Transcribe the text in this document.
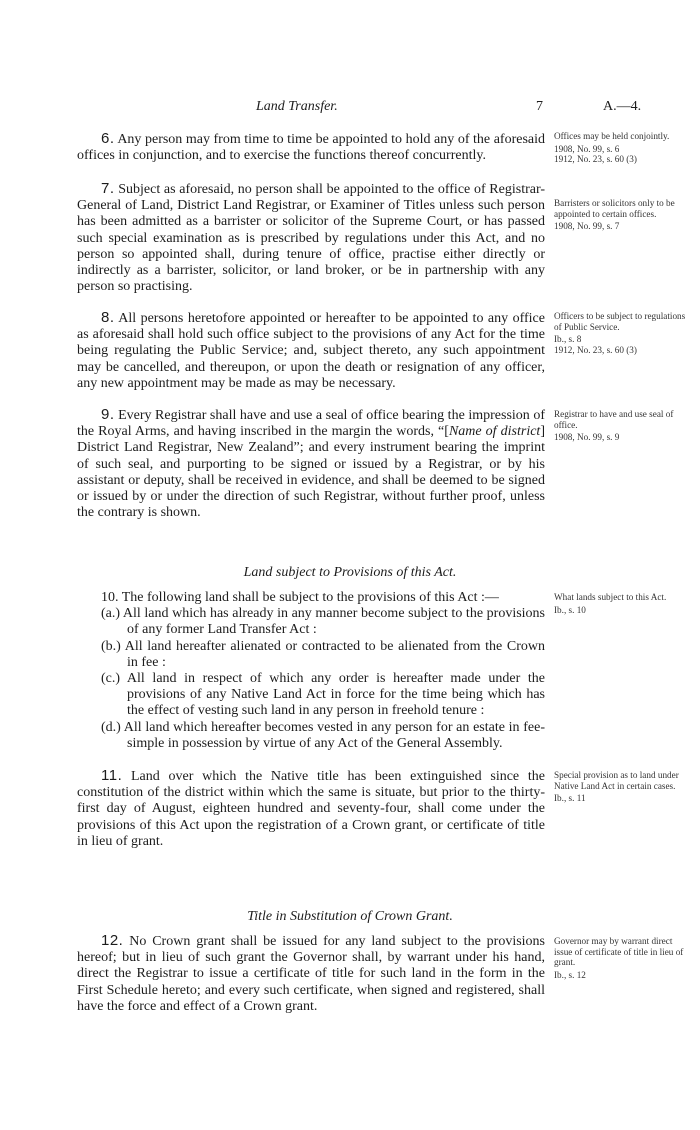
Land Transfer.	7	A.—4.

6. Any person may from time to time be appointed to hold any of the aforesaid offices in conjunction, and to exercise the functions thereof concurrently.

Offices may be held conjointly.

1908, No. 99, s. 6
1912, No. 23, s. 60 (3)

7. Subject as aforesaid, no person shall be appointed to the office of Registrar-General of Land, District Land Registrar, or Examiner of Titles unless such person has been admitted as a barrister or solicitor of the Supreme Court, or has passed such special examination as is prescribed by regulations under this Act, and no person so appointed shall, during tenure of office, practise either directly or indirectly as a barrister, solicitor, or land broker, or be in partnership with any person so practising.

Barristers or solicitors only to be appointed to certain offices.

1908, No. 99, s. 7

8. All persons heretofore appointed or hereafter to be appointed to any office as aforesaid shall hold such office subject to the provisions of any Act for the time being regulating the Public Service; and, subject thereto, any such appointment may be cancelled, and thereupon, or upon the death or resignation of any officer, any new appointment may be made as may be necessary.

Officers to be subject to regulations of Public Service.

Ib., s. 8
1912, No. 23, s. 60 (3)

9. Every Registrar shall have and use a seal of office bearing the impression of the Royal Arms, and having inscribed in the margin the words, “[Name of district] District Land Registrar, New Zealand”; and every instrument bearing the imprint of such seal, and purporting to be signed or issued by a Registrar, or by his assistant or deputy, shall be received in evidence, and shall be deemed to be signed or issued by or under the direction of such Registrar, without further proof, unless the contrary is shown.

Registrar to have and use seal of office.

1908, No. 99, s. 9

Land subject to Provisions of this Act.

10. The following land shall be subject to the provisions of this Act :—

(a.) All land which has already in any manner become subject to the provisions of any former Land Transfer Act :

(b.) All land hereafter alienated or contracted to be alienated from the Crown in fee :

(c.) All land in respect of which any order is hereafter made under the provisions of any Native Land Act in force for the time being which has the effect of vesting such land in any person in freehold tenure :

(d.) All land which hereafter becomes vested in any person for an estate in fee-simple in possession by virtue of any Act of the General Assembly.

What lands subject to this Act.

Ib., s. 10

11. Land over which the Native title has been extinguished since the constitution of the district within which the same is situate, but prior to the thirty-first day of August, eighteen hundred and seventy-four, shall come under the provisions of this Act upon the registration of a Crown grant, or certificate of title in lieu of grant.

Special provision as to land under Native Land Act in certain cases.

Ib., s. 11

Title in Substitution of Crown Grant.

12. No Crown grant shall be issued for any land subject to the provisions hereof; but in lieu of such grant the Governor shall, by warrant under his hand, direct the Registrar to issue a certificate of title for such land in the form in the First Schedule hereto; and every such certificate, when signed and registered, shall have the force and effect of a Crown grant.

Governor may by warrant direct issue of certificate of title in lieu of grant.

Ib., s. 12
